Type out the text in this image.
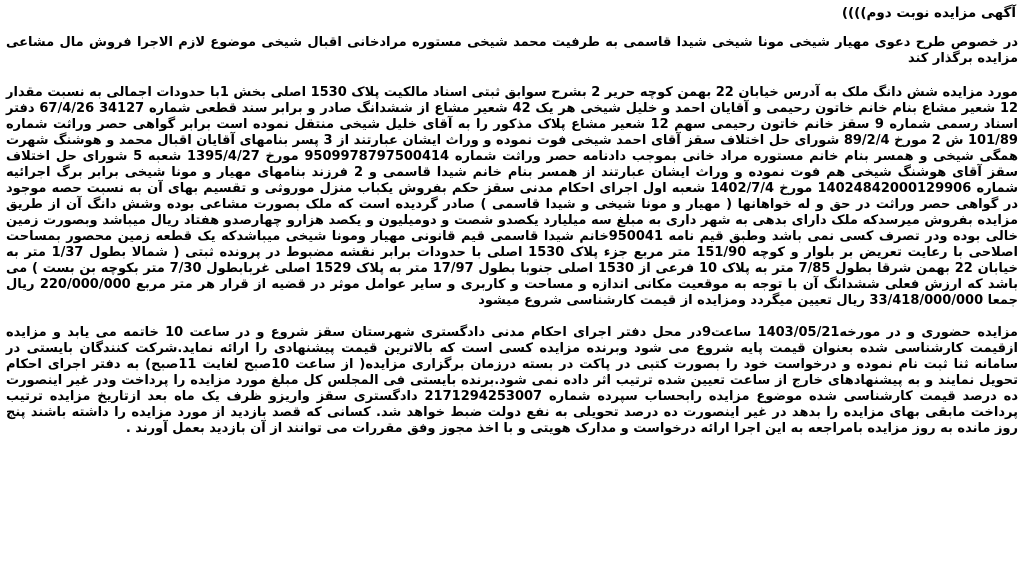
آگهی مزایده نوبت دوم))))

در خصوص طرح دعوی مهیار شیخی مونا شیخی شیدا قاسمی به طرفیت محمد شیخی مستوره مرادخانی اقبال شیخی موضوع لازم الاجرا فروش مال مشاعی مزایده برگذار کند

مورد مزایده شش دانگ ملک به آدرس خیابان 22 بهمن کوچه حریر 2 بشرح سوابق ثبتی اسناد مالکیت پلاک 1530 اصلی بخش 1با حدودات اجمالی به نسبت مقدار 12 شعیر مشاع بنام خانم خاتون رحیمی و آقایان احمد و خلیل شیخی هر یک 42 شعیر مشاع از ششدانگ صادر و برابر سند قطعی شماره 34127 67/4/26 دفتر اسناد رسمی شماره 9 سقز خانم خاتون رحیمی سهم 12 شعیر مشاع پلاک مذکور را به آقای خلیل شیخی منتقل نموده است برابر گواهی حصر وراثت شماره 101/89 ش 2 مورخ 89/2/4 شورای حل اختلاف سقز آقای احمد شیخی فوت نموده و وراث ایشان عبارتند از 3 پسر بنامهای آقایان اقبال محمد و هوشنگ شهرت همگی شیخی و همسر بنام خانم مستوره مراد خانی بموجب دادنامه حصر وراثت شماره 9509978797500414 مورخ 1395/4/27 شعبه 5 شورای حل اختلاف سقز آقای هوشنگ شیخی هم فوت نموده و وراث ایشان عبارتند از همسر بنام خانم شیدا قاسمی و 2 فرزند بنامهای مهیار و مونا شیخی برابر برگ اجرائیه شماره 14024842000129906 مورخ 1402/7/4 شعبه اول اجرای احکام مدنی سقز حکم بفروش یکباب منزل موروثی و تقسیم بهای آن به نسبت حصه موجود در گواهی حصر وراثت در حق و له خواهانها ( مهیار و مونا شیخی و شیدا قاسمی ) صادر گردیده است که ملک بصورت مشاعی بوده وشش دانگ آن از طریق مزایده بفروش میرسدکه ملک دارای بدهی به شهر داری به مبلغ سه میلیارد یکصدو شصت و دومیلیون و یکصد هزارو چهارصدو هفتاد ریال میباشد وبصورت زمین خالی بوده ودر تصرف کسی نمی باشد وطبق قیم نامه 950041خانم شیدا قاسمی قیم قانونی مهیار ومونا شیخی میباشدکه یک قطعه زمین محصور بمساحت اصلاحی با رعایت تعریض بر بلوار و کوچه 151/90 متر مربع جزء پلاک 1530 اصلی با حدودات برابر نقشه مضبوط در پرونده ثبتی ( شمالا بطول 1/37 متر به خیابان 22 بهمن شرقا بطول 7/85 متر به پلاک 10 فرعی از 1530 اصلی جنوبا بطول 17/97 متر به پلاک 1529 اصلی غربابطول 7/30 متر بکوچه بن بست ) می باشد که ارزش فعلی ششدانگ آن با توجه به موقعیت مکانی اندازه و مساحت و کاربری و سایر عوامل موثر در قضیه از قرار هر متر مربع 220/000/000 ریال جمعا 33/418/000/000 ریال تعیین میگردد ومزایده از قیمت کارشناسی شروع میشود

مزایده حضوری و در مورخه1403/05/21 ساعت9در محل دفتر اجرای احکام مدنی دادگستری شهرستان سقز شروع و در ساعت 10 خاتمه می یابد و مزایده ازقیمت کارشناسی شده بعنوان قیمت پایه شروع می شود وبرنده مزایده کسی است که بالاترین قیمت پیشنهادی را ارائه نماید.شرکت کنندگان بایستی در سامانه ثنا ثبت نام نموده و درخواست خود را بصورت کتبی در پاکت در بسته درزمان برگزاری مزایده( از ساعت 10صبح لغایت 11صبح) به دفتر اجرای احکام تحویل نمایند و به پیشنهادهای خارج از ساعت تعیین شده ترتیب اثر داده نمی شود.برنده بایستی فی المجلس کل مبلغ مورد مزایده را پرداخت ودر غیر اینصورت ده درصد قیمت کارشناسی شده موضوع مزایده رابحساب سپرده شماره 2171294253007 دادگستری سقز واریزو ظرف یک ماه بعد ازتاریخ مزایده ترتیب پرداخت مابقی بهای مزایده را بدهد در غیر اینصورت ده درصد تحویلی به نفع دولت ضبط خواهد شد. کسانی که قصد بازدید از مورد مزایده را داشته باشند پنج روز مانده به روز مزایده بامراجعه به این اجرا ارائه درخواست و مدارک هویتی و با اخذ مجوز وفق مقررات می توانند از آن بازدید بعمل آورند .
